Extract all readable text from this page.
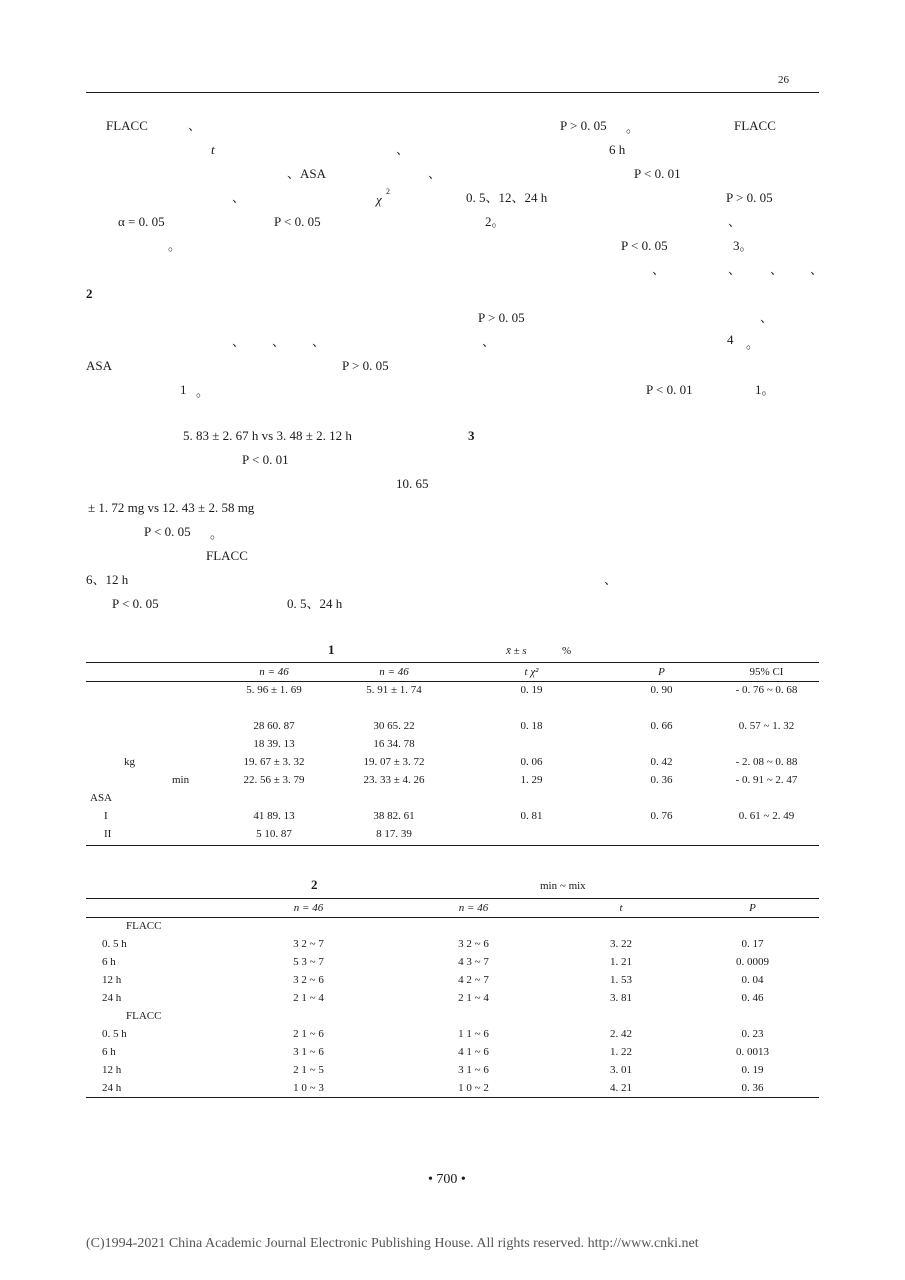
26
FLACC	、
t	、
、ASA	、
、	χ
2
α = 0. 05	P < 0. 05
。
2
、 、 、
ASA	P > 0. 05
1 。
5. 83 ± 2. 67 h vs 3. 48 ± 2. 12 h
P < 0. 01
10. 65
± 1. 72 mg vs 12. 43 ± 2. 58 mg
P < 0. 05 。
FLACC
6、12 h
P < 0. 05	0. 5、24 h
P > 0. 05 。	FLACC
6 h
P < 0. 01
0. 5、12、24 h	P > 0. 05
2。	、
P < 0. 05	3。
、	、 、 、
P > 0. 05	、
、	4 。
P < 0. 01	1。
3
、
1	x̄ ± s	%
	n = 46	n = 46	t χ²	P	95% CI
	5. 96 ± 1. 69	5. 91 ± 1. 74	0. 19	0. 90	- 0. 76 ~ 0. 68

	28 60. 87	30 65. 22	0. 18	0. 66	0. 57 ~ 1. 32
	18 39. 13	16 34. 78			
kg	19. 67 ± 3. 32	19. 07 ± 3. 72	0. 06	0. 42	- 2. 08 ~ 0. 88
min	22. 56 ± 3. 79	23. 33 ± 4. 26	1. 29	0. 36	- 0. 91 ~ 2. 47
ASA					
I	41 89. 13	38 82. 61	0. 81	0. 76	0. 61 ~ 2. 49
II	5 10. 87	8 17. 39			
2	min ~ mix
	n = 46	n = 46	t	P
FLACC				
0. 5 h	3 2 ~ 7	3 2 ~ 6	3. 22	0. 17
6 h	5 3 ~ 7	4 3 ~ 7	1. 21	0. 0009
12 h	3 2 ~ 6	4 2 ~ 7	1. 53	0. 04
24 h	2 1 ~ 4	2 1 ~ 4	3. 81	0. 46
FLACC				
0. 5 h	2 1 ~ 6	1 1 ~ 6	2. 42	0. 23
6 h	3 1 ~ 6	4 1 ~ 6	1. 22	0. 0013
12 h	2 1 ~ 5	3 1 ~ 6	3. 01	0. 19
24 h	1 0 ~ 3	1 0 ~ 2	4. 21	0. 36
• 700 •
(C)1994-2021 China Academic Journal Electronic Publishing House. All rights reserved. http://www.cnki.net
